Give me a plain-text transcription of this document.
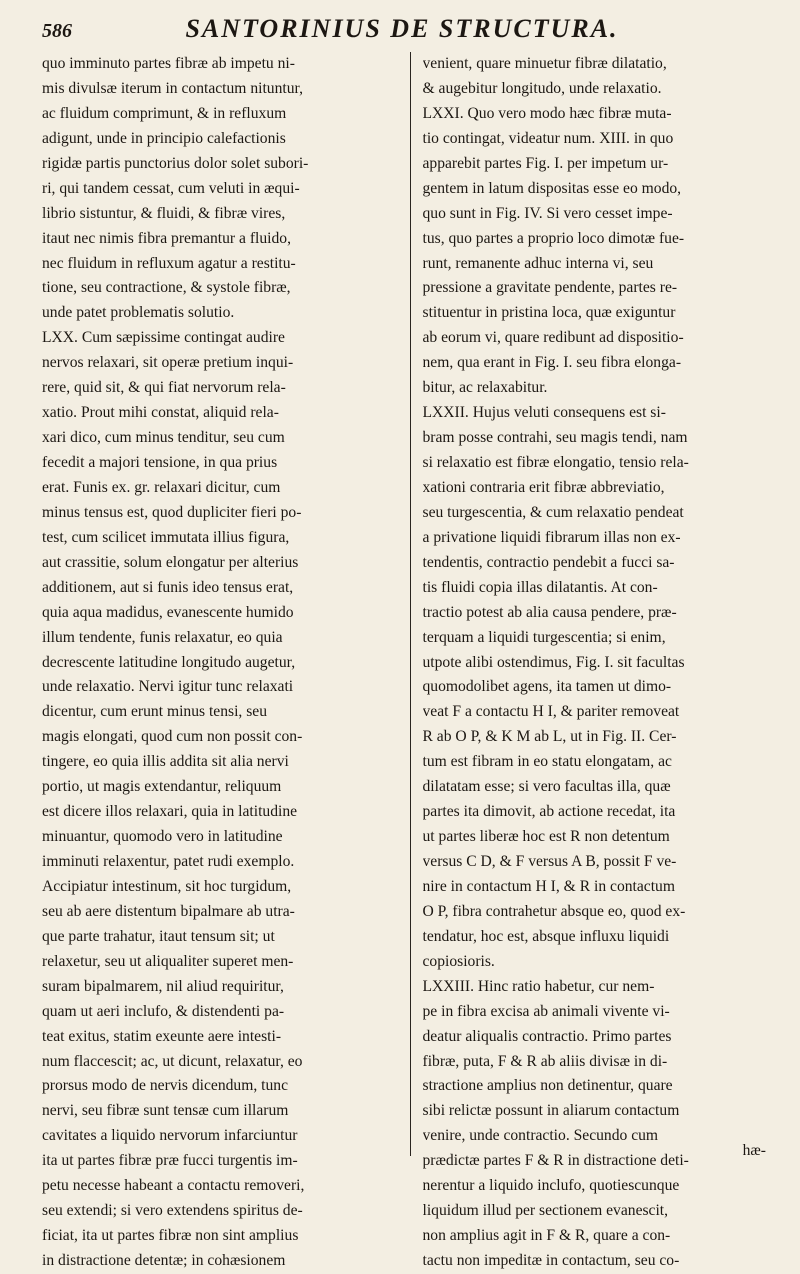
586	SANTORINIUS DE STRUCTURA.
quo imminuto partes fibræ ab impetu ni-
mis divulsæ iterum in contactum nituntur,
ac fluidum comprimunt, & in refluxum
adigunt, unde in principio calefactionis
rigidæ partis punctorius dolor solet subori-
ri, qui tandem cessat, cum veluti in æqui-
librio sistuntur, & fluidi, & fibræ vires,
itaut nec nimis fibra premantur a fluido,
nec fluidum in refluxum agatur a restitu-
tione, seu contractione, & systole fibræ,
unde patet problematis solutio.
LXX. Cum sæpissime contingat audire
nervos relaxari, sit operæ pretium inqui-
rere, quid sit, & qui fiat nervorum rela-
xatio. Prout mihi constat, aliquid rela-
xari dico, cum minus tenditur, seu cum
fecedit a majori tensione, in qua prius
erat. Funis ex. gr. relaxari dicitur, cum
minus tensus est, quod dupliciter fieri po-
test, cum scilicet immutata illius figura,
aut crassitie, solum elongatur per alterius
additionem, aut si funis ideo tensus erat,
quia aqua madidus, evanescente humido
illum tendente, funis relaxatur, eo quia
decrescente latitudine longitudo augetur,
unde relaxatio. Nervi igitur tunc relaxati
dicentur, cum erunt minus tensi, seu
magis elongati, quod cum non possit con-
tingere, eo quia illis addita sit alia nervi
portio, ut magis extendantur, reliquum
est dicere illos relaxari, quia in latitudine
minuantur, quomodo vero in latitudine
imminuti relaxentur, patet rudi exemplo.
Accipiatur intestinum, sit hoc turgidum,
seu ab aere distentum bipalmare ab utra-
que parte trahatur, itaut tensum sit; ut
relaxetur, seu ut aliqualiter superet men-
suram bipalmarem, nil aliud requiritur,
quam ut aeri inclufo, & distendenti pa-
teat exitus, statim exeunte aere intesti-
num flaccescit; ac, ut dicunt, relaxatur, eo
prorsus modo de nervis dicendum, tunc
nervi, seu fibræ sunt tensæ cum illarum
cavitates a liquido nervorum infarciuntur
ita ut partes fibræ præ fucci turgentis im-
petu necesse habeant a contactu removeri,
seu extendi; si vero extendens spiritus de-
ficiat, ita ut partes fibræ non sint amplius
in distractione detentæ; in cohæsionem
venient, quare minuetur fibræ dilatatio,
& augebitur longitudo, unde relaxatio.
LXXI. Quo vero modo hæc fibræ muta-
tio contingat, videatur num. XIII. in quo
apparebit partes Fig. I. per impetum ur-
gentem in latum dispositas esse eo modo,
quo sunt in Fig. IV. Si vero cesset impe-
tus, quo partes a proprio loco dimotæ fue-
runt, remanente adhuc interna vi, seu
pressione a gravitate pendente, partes re-
stituentur in pristina loca, quæ exiguntur
ab eorum vi, quare redibunt ad dispositio-
nem, qua erant in Fig. I. seu fibra elonga-
bitur, ac relaxabitur.
LXXII. Hujus veluti consequens est si-
bram posse contrahi, seu magis tendi, nam
si relaxatio est fibræ elongatio, tensio rela-
xationi contraria erit fibræ abbreviatio,
seu turgescentia, & cum relaxatio pendeat
a privatione liquidi fibrarum illas non ex-
tendentis, contractio pendebit a fucci sa-
tis fluidi copia illas dilatantis. At con-
tractio potest ab alia causa pendere, præ-
terquam a liquidi turgescentia; si enim,
utpote alibi ostendimus, Fig. I. sit facultas
quomodolibet agens, ita tamen ut dimo-
veat F a contactu H I, & pariter removeat
R ab O P, & K M ab L, ut in Fig. II. Cer-
tum est fibram in eo statu elongatam, ac
dilatatam esse; si vero facultas illa, quæ
partes ita dimovit, ab actione recedat, ita
ut partes liberæ hoc est R non detentum
versus C D, & F versus A B, possit F ve-
nire in contactum H I, & R in contactum
O P, fibra contrahetur absque eo, quod ex-
tendatur, hoc est, absque influxu liquidi
copiosioris.
LXXIII. Hinc ratio habetur, cur nem-
pe in fibra excisa ab animali vivente vi-
deatur aliqualis contractio. Primo partes
fibræ, puta, F & R ab aliis divisæ in di-
stractione amplius non detinentur, quare
sibi relictæ possunt in aliarum contactum
venire, unde contractio. Secundo cum
prædictæ partes F & R in distractione deti-
nerentur a liquido inclufo, quotiescunque
liquidum illud per sectionem evanescit,
non amplius agit in F & R, quare a con-
tactu non impeditæ in contactum, seu co-
hæ-
